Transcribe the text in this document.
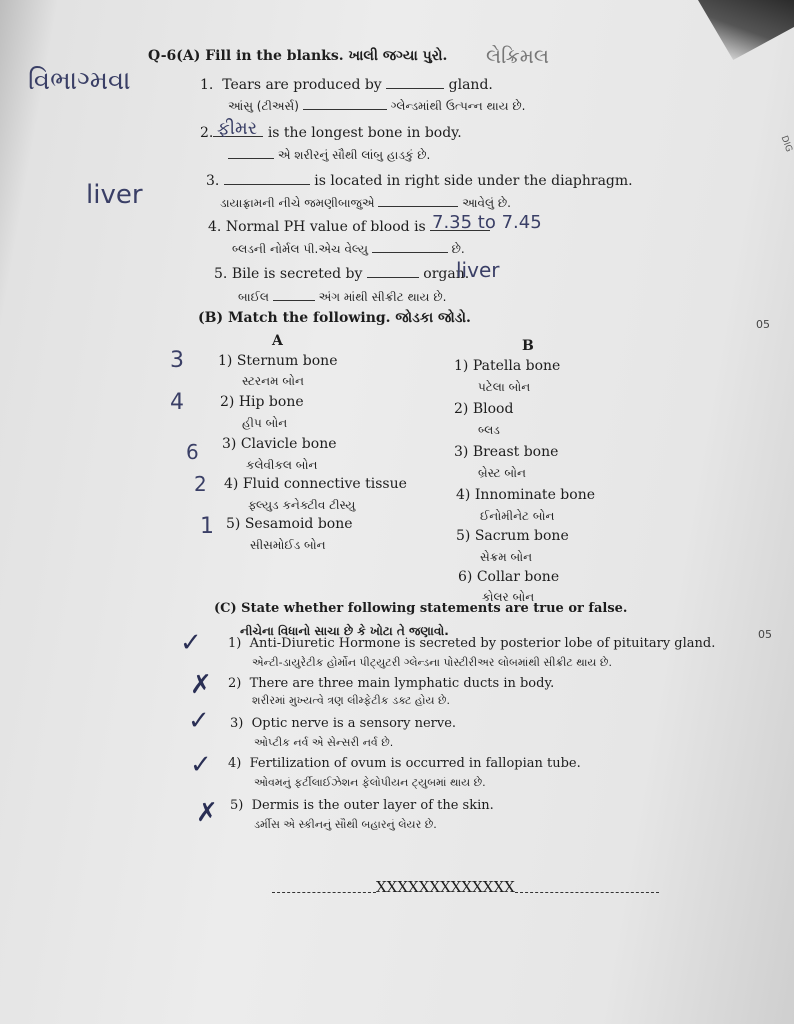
DIG
Q-6(A) Fill in the blanks. ખાલી જગ્યા પુરો.
વિભાગ્મવા
liver
1. Tears are produced by	gland.
લેક્રિમલ
આંસુ (ટીઅર્સ)	ગ્લેન્ડમાંથી ઉત્પન્ન થાય છે.
2.	is the longest bone in body.
ફીમર
એ શરીરનું સૌથી લાંબુ હાડકું છે.
3.	is located in right side under the diaphragm.
ડાયાફ્રામની નીચે જમણીબાજુએ	આવેલું છે.
4. Normal PH value of blood is 7.35 to 7.45
બ્લડની નોર્મલ પી.એચ વેલ્યુ	છે.
5. Bile is secreted by	organ.
liver
બાઈલ	અંગ માંથી સીક્રીટ થાય છે.
(B) Match the following. જોડકા જોડો.	05
A	B
3 1) Sternum bone
સ્ટરનમ બોન
4	2) Hip bone
હીપ બોન
6 3) Clavicle bone
કલેવીકલ બોન
2 4) Fluid connective tissue
ફ્લ્યુડ કનેક્ટીવ ટીસ્યુ
1 5) Sesamoid bone
સીસમોઈડ બોન
1) Patella bone
પટેલા બોન
2) Blood
બ્લડ
3) Breast bone
બ્રેસ્ટ બોન
4) Innominate bone
ઈનોમીનેટ બોન
5) Sacrum bone
સેક્રમ બોન
6) Collar bone
કોલર બોન
(C) State whether following statements are true or false.
નીચેના વિધાનો સાચા છે કે ખોટા તે જણાવો.	05
✓ 1) Anti-Diuretic Hormone is secreted by posterior lobe of pituitary gland.
એન્ટી-ડાયુરેટીક હોર્મોન પીટ્યુટરી ગ્લેન્ડના પોસ્ટીરીઅર લોબમાંથી સીક્રીટ થાય છે.
✗ 2) There are three main lymphatic ducts in body.
શરીરમાં મુખ્યત્વે ત્રણ લીમ્ફેટીક ડક્ટ હોય છે.
✓ 3) Optic nerve is a sensory nerve.
ઓપ્ટીક નર્વ એ સેન્સરી નર્વ છે.
✓ 4) Fertilization of ovum is occurred in fallopian tube.
ઓવમનું ફર્ટીલાઈઝેશન ફેલોપીયન ટ્યુબમાં થાય છે.
✗ 5) Dermis is the outer layer of the skin.
ડર્મીસ એ સ્કીનનું સૌથી બહારનું લેયર છે.
XXXXXXXXXXXXX
